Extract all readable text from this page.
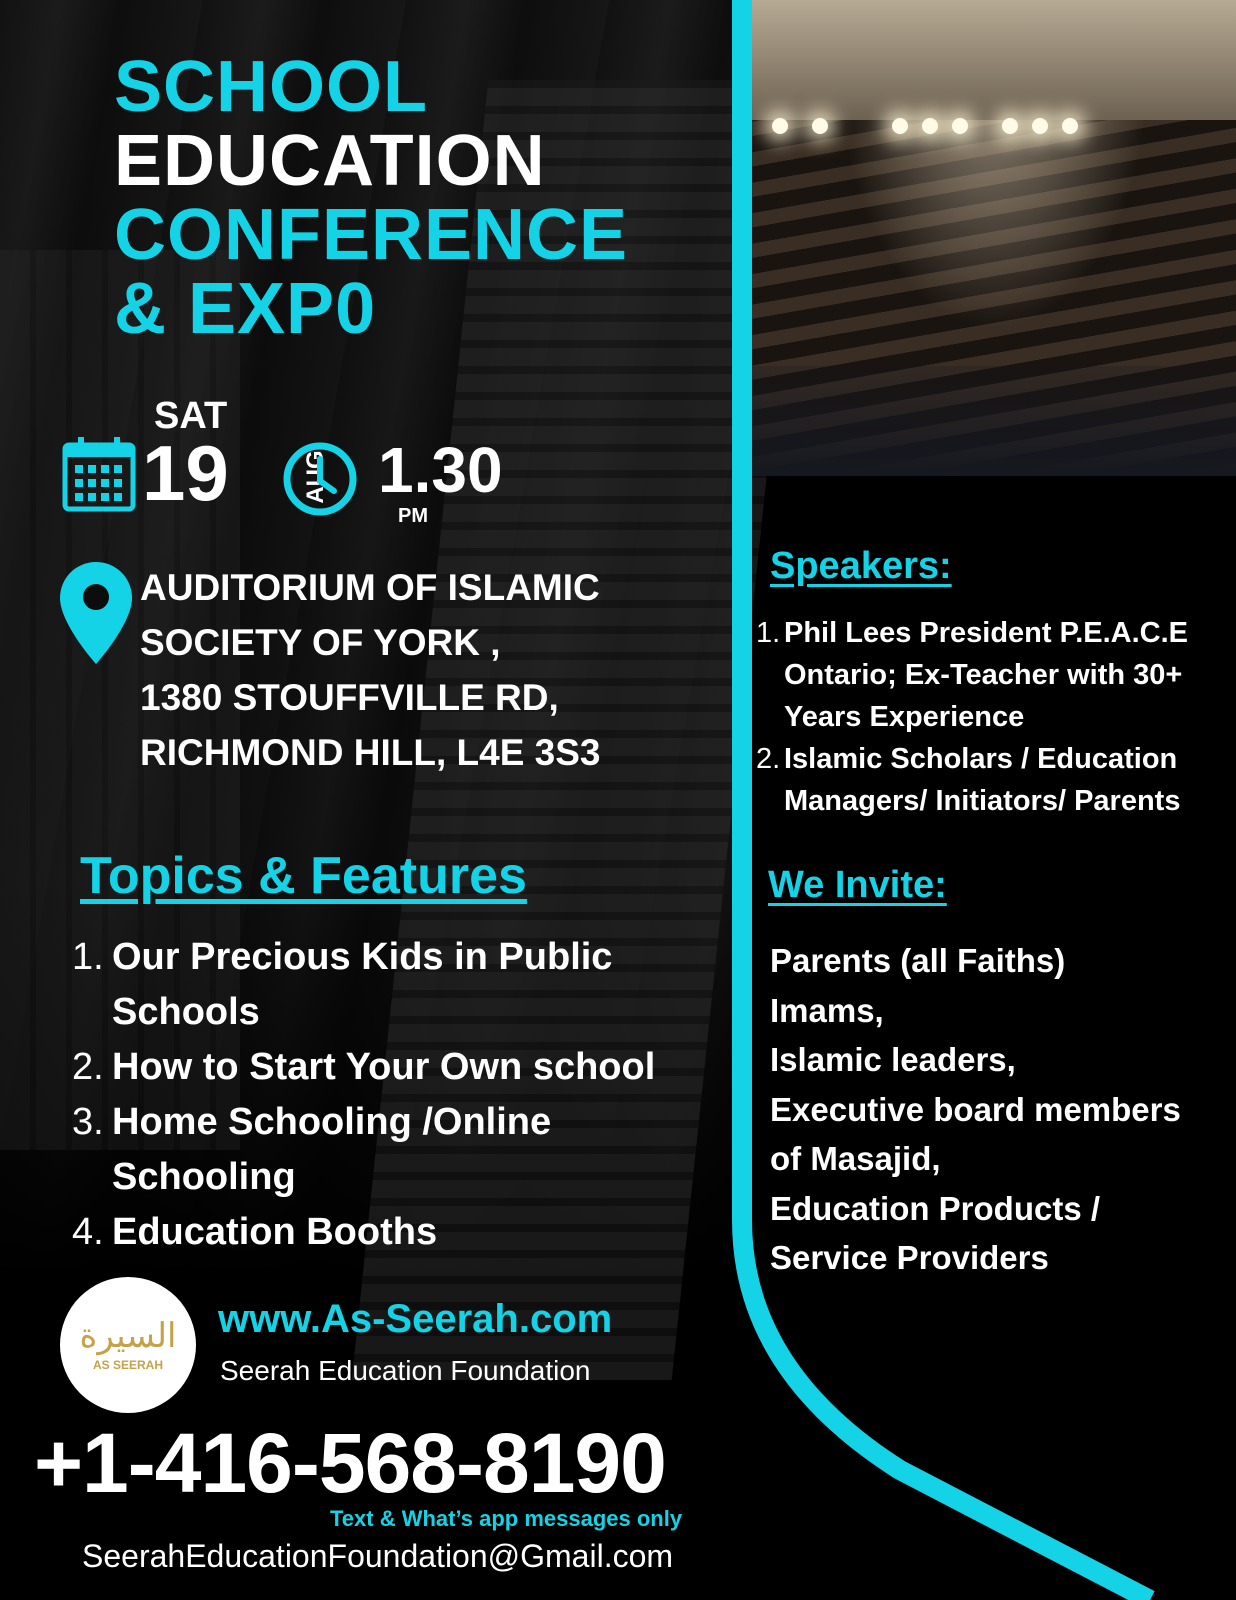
SCHOOL
EDUCATION
CONFERENCE
& EXP0
SAT
19	AUG 1.30
PM
AUDITORIUM OF ISLAMIC
SOCIETY OF YORK ,
1380 STOUFFVILLE RD,
RICHMOND HILL, L4E 3S3
Topics & Features
1. Our Precious Kids in Public Schools
2. How to Start Your Own school
3. Home Schooling /Online Schooling
4. Education Booths
السيرة
AS SEERAH
www.As-Seerah.com
Seerah Education Foundation
+1-416-568-8190
Text & What’s app messages only
SeerahEducationFoundation@Gmail.com
Speakers:
1. Phil Lees President P.E.A.C.E Ontario; Ex-Teacher with 30+ Years Experience
2. Islamic Scholars / Education Managers/ Initiators/ Parents
We Invite:
Parents (all Faiths)
Imams,
Islamic leaders,
Executive board members
of Masajid,
Education Products /
Service Providers
